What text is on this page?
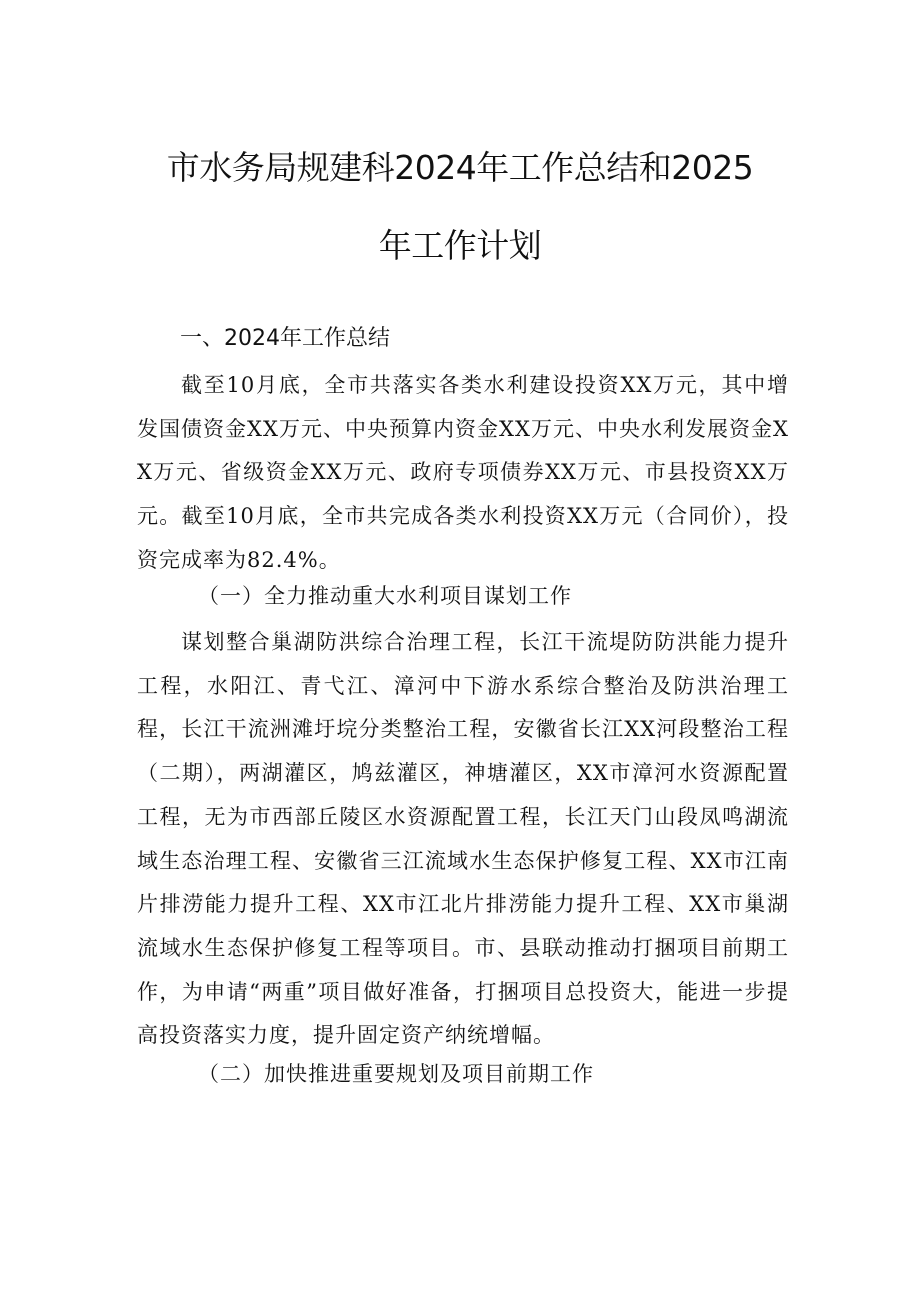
市水务局规建科2024年工作总结和2025
年工作计划
一、2024年工作总结

截至10月底，全市共落实各类水利建设投资XX万元，其中增发国债资金XX万元、中央预算内资金XX万元、中央水利发展资金XX万元、省级资金XX万元、政府专项债券XX万元、市县投资XX万元。截至10月底，全市共完成各类水利投资XX万元（合同价），投资完成率为82.4%。

（一）全力推动重大水利项目谋划工作

谋划整合巢湖防洪综合治理工程，长江干流堤防防洪能力提升工程，水阳江、青弋江、漳河中下游水系综合整治及防洪治理工程，长江干流洲滩圩垸分类整治工程，安徽省长江XX河段整治工程（二期），两湖灌区，鸠兹灌区，神塘灌区，XX市漳河水资源配置工程，无为市西部丘陵区水资源配置工程，长江天门山段凤鸣湖流域生态治理工程、安徽省三江流域水生态保护修复工程、XX市江南片排涝能力提升工程、XX市江北片排涝能力提升工程、XX市巢湖流域水生态保护修复工程等项目。市、县联动推动打捆项目前期工作，为申请“两重”项目做好准备，打捆项目总投资大，能进一步提高投资落实力度，提升固定资产纳统增幅。

（二）加快推进重要规划及项目前期工作
